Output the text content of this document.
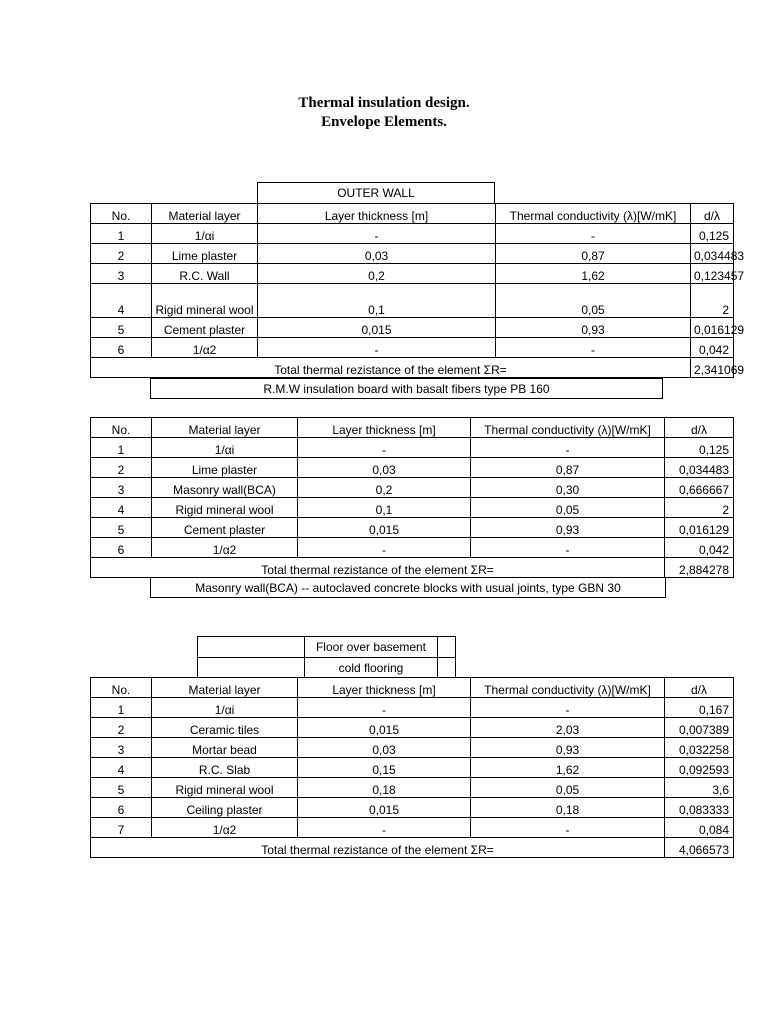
Thermal insulation design.
Envelope Elements.
OUTER WALL
No.	Material layer	Layer thickness [m]	Thermal conductivity (λ)[W/mK]	d/λ
1	1/αi	-	-	0,125
2	Lime plaster	0,03	0,87	0,034483
3	R.C. Wall	0,2	1,62	0,123457
4	Rigid mineral wool	0,1	0,05	2
5	Cement plaster	0,015	0,93	0,016129
6	1/α2	-	-	0,042
Total thermal rezistance of the element ΣR=				2,341069
R.M.W insulation board with basalt fibers type PB 160
No.	Material layer	Layer thickness [m]	Thermal conductivity (λ)[W/mK]	d/λ
1	1/αi	-	-	0,125
2	Lime plaster	0,03	0,87	0,034483
3	Masonry wall(BCA)	0,2	0,30	0,666667
4	Rigid mineral wool	0,1	0,05	2
5	Cement plaster	0,015	0,93	0,016129
6	1/α2	-	-	0,042
Total thermal rezistance of the element ΣR=				2,884278
Masonry wall(BCA) -- autoclaved concrete blocks with usual joints, type GBN 30
	Floor over basement	
	cold flooring	
No.	Material layer	Layer thickness [m]	Thermal conductivity (λ)[W/mK]	d/λ
1	1/αi	-	-	0,167
2	Ceramic tiles	0,015	2,03	0,007389
3	Mortar bead	0,03	0,93	0,032258
4	R.C. Slab	0,15	1,62	0,092593
5	Rigid mineral wool	0,18	0,05	3,6
6	Ceiling plaster	0,015	0,18	0,083333
7	1/α2	-	-	0,084
Total thermal rezistance of the element ΣR=				4,066573
